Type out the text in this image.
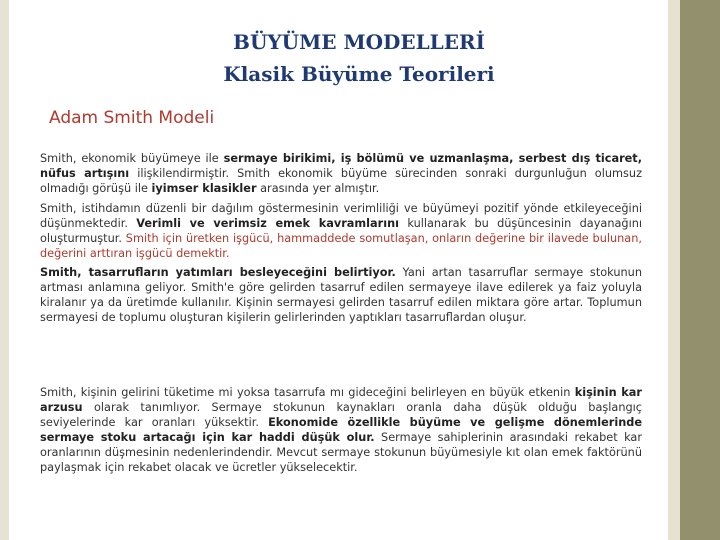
BÜYÜME MODELLERİ
Klasik Büyüme Teorileri
Adam Smith Modeli

Smith, ekonomik büyümeye ile sermaye birikimi, iş bölümü ve uzmanlaşma, serbest dış ticaret, nüfus artışını ilişkilendirmiştir. Smith ekonomik büyüme sürecinden sonraki durgunluğun olumsuz olmadığı görüşü ile iyimser klasikler arasında yer almıştır.

Smith, istihdamın düzenli bir dağılım göstermesinin verimliliği ve büyümeyi pozitif yönde etkileyeceğini düşünmektedir. Verimli ve verimsiz emek kavramlarını kullanarak bu düşüncesinin dayanağını oluşturmuştur. Smith için üretken işgücü, hammaddede somutlaşan, onların değerine bir ilavede bulunan, değerini arttıran işgücü demektir.

Smith, tasarrufların yatımları besleyeceğini belirtiyor. Yani artan tasarruflar sermaye stokunun artması anlamına geliyor. Smith'e göre gelirden tasarruf edilen sermayeye ilave edilerek ya faiz yoluyla kiralanır ya da üretimde kullanılır. Kişinin sermayesi gelirden tasarruf edilen miktara göre artar. Toplumun sermayesi de toplumu oluşturan kişilerin gelirlerinden yaptıkları tasarruflardan oluşur.

Smith, kişinin gelirini tüketime mi yoksa tasarrufa mı gideceğini belirleyen en büyük etkenin kişinin kar arzusu olarak tanımlıyor. Sermaye stokunun kaynakları oranla daha düşük olduğu başlangıç seviyelerinde kar oranları yüksektir. Ekonomide özellikle büyüme ve gelişme dönemlerinde sermaye stoku artacağı için kar haddi düşük olur. Sermaye sahiplerinin arasındaki rekabet kar oranlarının düşmesinin nedenlerindendir. Mevcut sermaye stokunun büyümesiyle kıt olan emek faktörünü paylaşmak için rekabet olacak ve ücretler yükselecektir.
